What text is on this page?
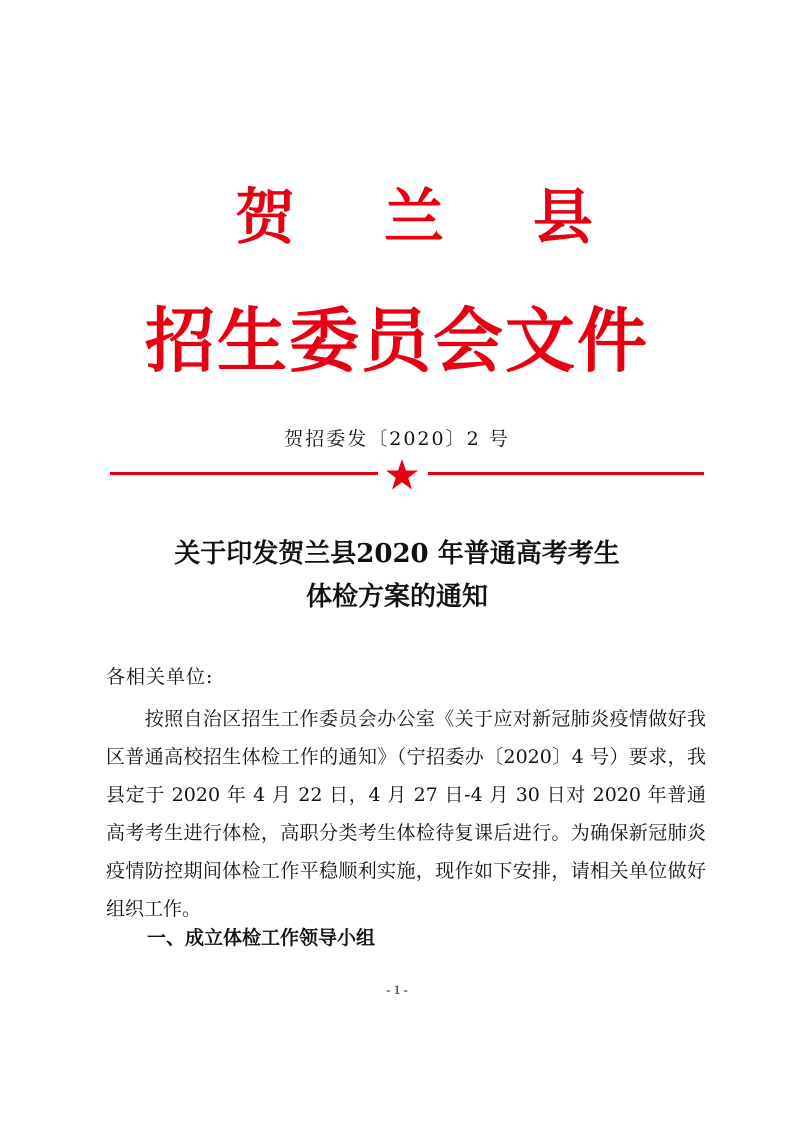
贺 兰 县
招生委员会文件
贺招委发〔2020〕2 号
关于印发贺兰县2020 年普通高考考生
体检方案的通知
各相关单位:

　　按照自治区招生工作委员会办公室《关于应对新冠肺炎疫情做好我区普通高校招生体检工作的通知》（宁招委办〔2020〕4 号）要求，我县定于 2020 年 4 月 22 日，4 月 27 日-4 月 30 日对 2020 年普通高考考生进行体检，高职分类考生体检待复课后进行。为确保新冠肺炎疫情防控期间体检工作平稳顺利实施，现作如下安排，请相关单位做好组织工作。

一、成立体检工作领导小组
- 1 -
